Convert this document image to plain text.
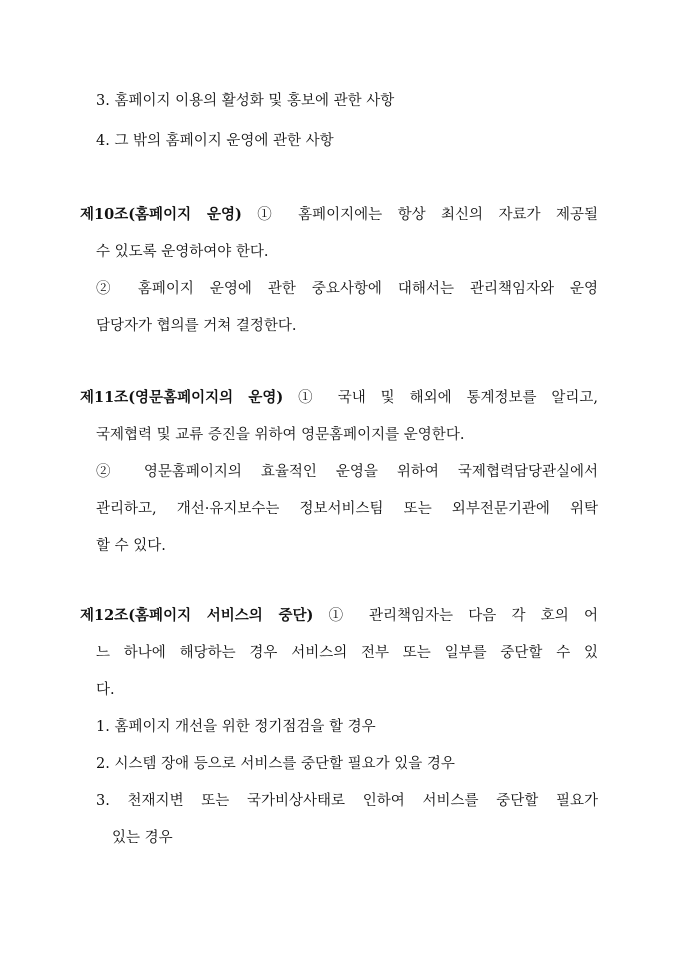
3. 홈페이지 이용의 활성화 및 홍보에 관한 사항
4. 그 밖의 홈페이지 운영에 관한 사항
제10조(홈페이지 운영) ① 홈페이지에는 항상 최신의 자료가 제공될
수 있도록 운영하여야 한다.
② 홈페이지 운영에 관한 중요사항에 대해서는 관리책임자와 운영
담당자가 협의를 거쳐 결정한다.
제11조(영문홈페이지의 운영) ① 국내 및 해외에 통계정보를 알리고,
국제협력 및 교류 증진을 위하여 영문홈페이지를 운영한다.
② 영문홈페이지의 효율적인 운영을 위하여 국제협력담당관실에서
관리하고, 개선·유지보수는 정보서비스팀 또는 외부전문기관에 위탁
할 수 있다.
제12조(홈페이지 서비스의 중단) ① 관리책임자는 다음 각 호의 어
느 하나에 해당하는 경우 서비스의 전부 또는 일부를 중단할 수 있
다.
1. 홈페이지 개선을 위한 정기점검을 할 경우
2. 시스템 장애 등으로 서비스를 중단할 필요가 있을 경우
3. 천재지변 또는 국가비상사태로 인하여 서비스를 중단할 필요가
있는 경우
